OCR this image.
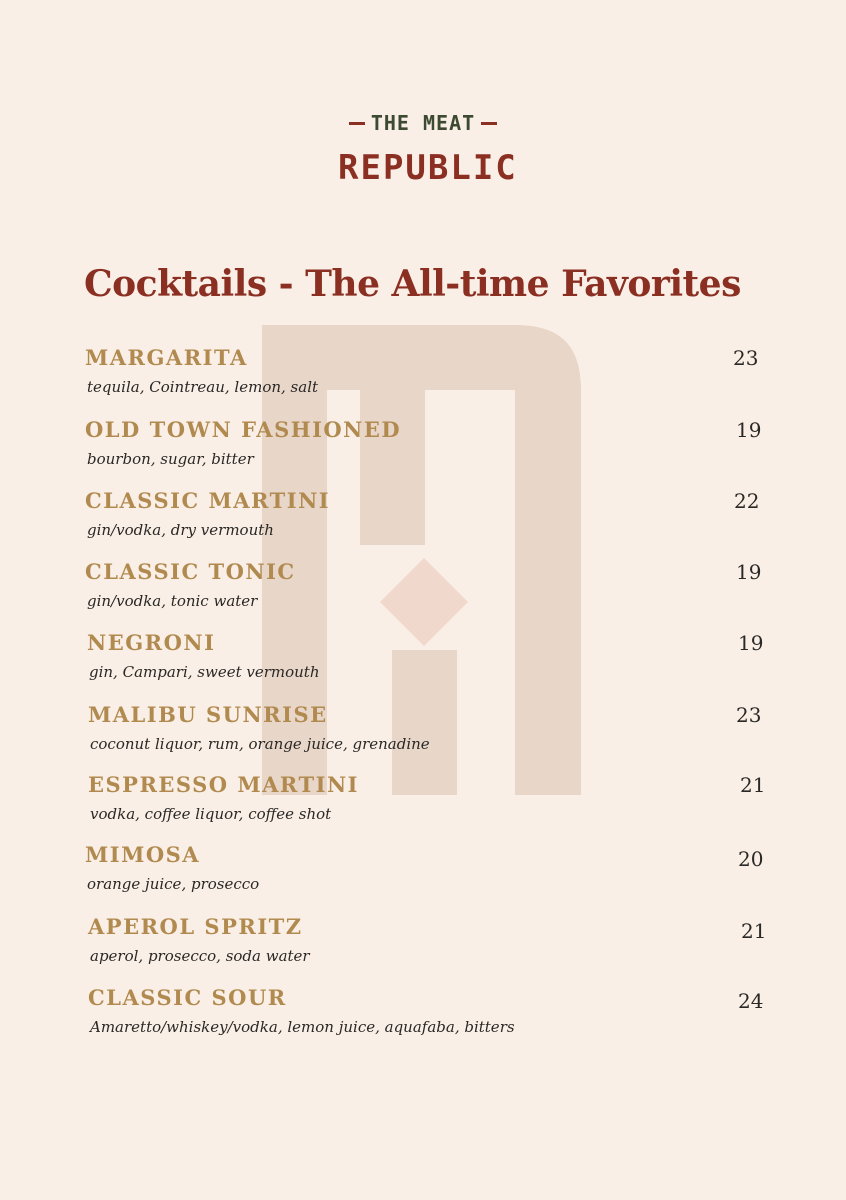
THE MEAT
REPUBLIC
Cocktails - The All-time Favorites
MARGARITA
tequila, Cointreau, lemon, salt
23
OLD TOWN FASHIONED
bourbon, sugar, bitter
19
CLASSIC MARTINI
gin/vodka, dry vermouth
22
CLASSIC TONIC
gin/vodka, tonic water
19
NEGRONI
gin, Campari, sweet vermouth
19
MALIBU SUNRISE
coconut liquor, rum, orange juice, grenadine
23
ESPRESSO MARTINI
vodka, coffee liquor, coffee shot
21
MIMOSA
orange juice, prosecco
20
APEROL SPRITZ
aperol, prosecco, soda water
21
CLASSIC SOUR
Amaretto/whiskey/vodka, lemon juice, aquafaba, bitters
24
